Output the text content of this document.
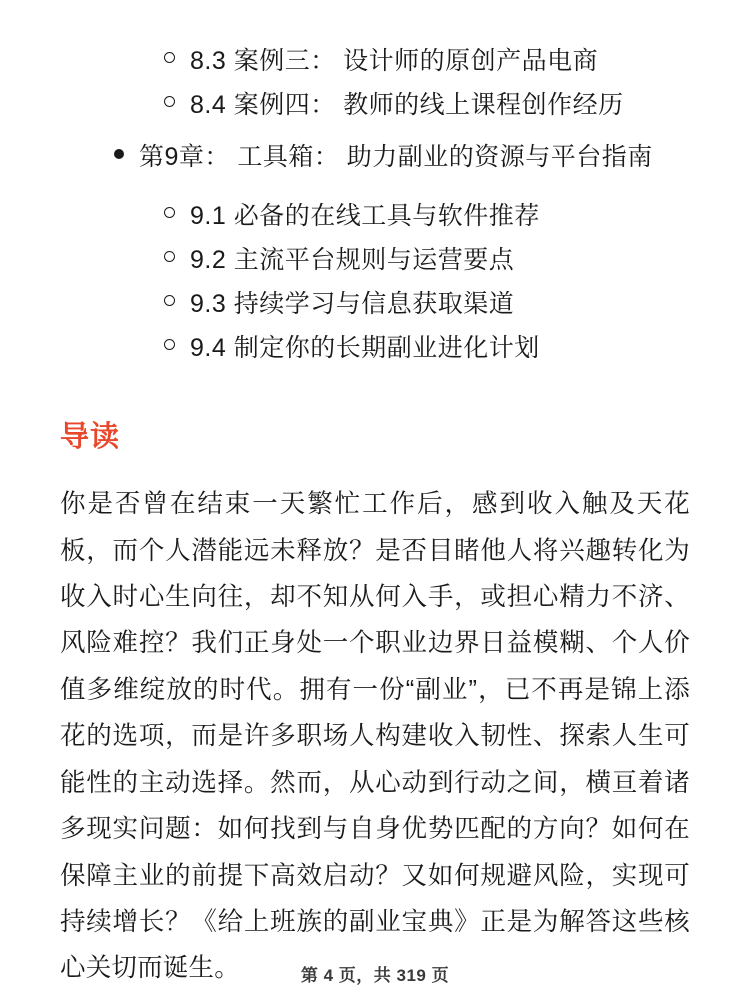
8.3 案例三： 设计师的原创产品电商
8.4 案例四： 教师的线上课程创作经历
第9章： 工具箱： 助力副业的资源与平台指南
9.1 必备的在线工具与软件推荐
9.2 主流平台规则与运营要点
9.3 持续学习与信息获取渠道
9.4 制定你的长期副业进化计划
导读

你是否曾在结束一天繁忙工作后，感到收入触及天花板，而个人潜能远未释放？是否目睹他人将兴趣转化为收入时心生向往，却不知从何入手，或担心精力不济、风险难控？我们正身处一个职业边界日益模糊、个人价值多维绽放的时代。拥有一份“副业”，已不再是锦上添花的选项，而是许多职场人构建收入韧性、探索人生可能性的主动选择。然而，从心动到行动之间，横亘着诸多现实问题：如何找到与自身优势匹配的方向？如何在保障主业的前提下高效启动？又如何规避风险，实现可持续增长？《给上班族的副业宝典》正是为解答这些核心关切而诞生。	第 4 页，共 319 页
